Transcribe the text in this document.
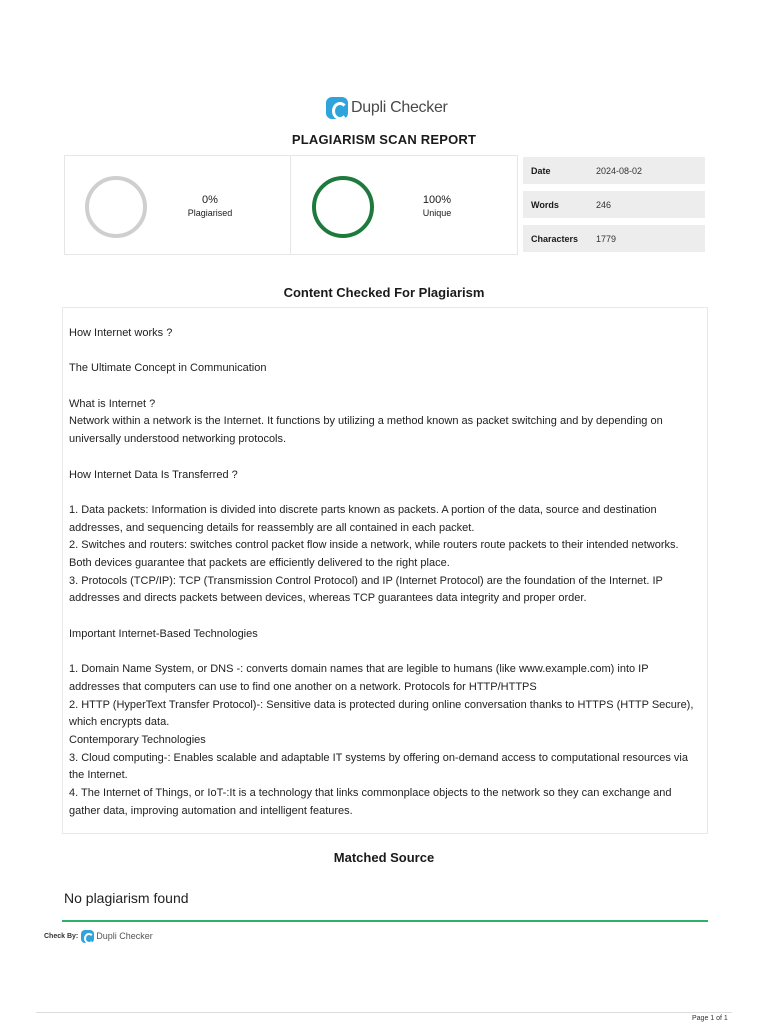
Dupli Checker
PLAGIARISM SCAN REPORT
0%
Plagiarised
100%
Unique
Date	2024-08-02
Words	246
Characters	1779
Content Checked For Plagiarism

How Internet works ?

The Ultimate Concept in Communication

What is Internet ?

Network within a network is the Internet. It functions by utilizing a method known as packet switching and by depending on universally understood networking protocols.

How Internet Data Is Transferred ?

1. Data packets: Information is divided into discrete parts known as packets. A portion of the data, source and destination addresses, and sequencing details for reassembly are all contained in each packet.

2. Switches and routers: switches control packet flow inside a network, while routers route packets to their intended networks. Both devices guarantee that packets are efficiently delivered to the right place.

3. Protocols (TCP/IP): TCP (Transmission Control Protocol) and IP (Internet Protocol) are the foundation of the Internet. IP addresses and directs packets between devices, whereas TCP guarantees data integrity and proper order.

Important Internet-Based Technologies

1. Domain Name System, or DNS -: converts domain names that are legible to humans (like www.example.com) into IP addresses that computers can use to find one another on a network. Protocols for HTTP/HTTPS

2. HTTP (HyperText Transfer Protocol)-: Sensitive data is protected during online conversation thanks to HTTPS (HTTP Secure), which encrypts data.

Contemporary Technologies

3. Cloud computing-: Enables scalable and adaptable IT systems by offering on-demand access to computational resources via the Internet.

4. The Internet of Things, or IoT-:It is a technology that links commonplace objects to the network so they can exchange and gather data, improving automation and intelligent features.

Matched Source
No plagiarism found
Check By: Dupli Checker
Page 1 of 1
